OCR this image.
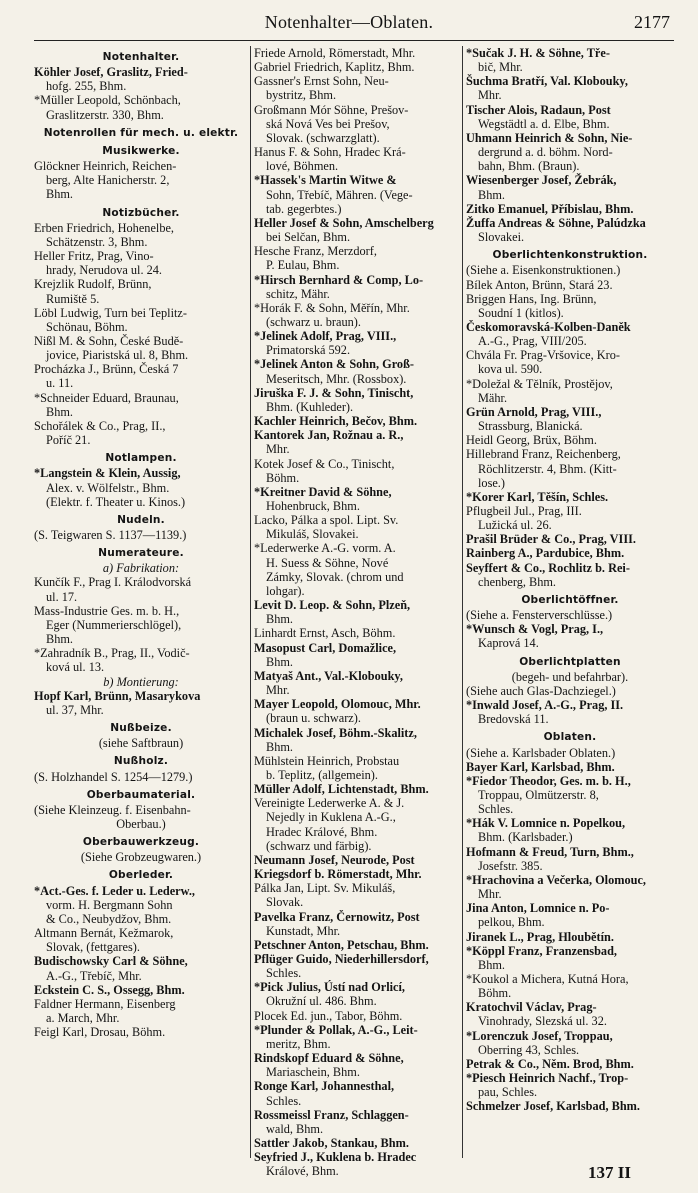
Notenhalter—Oblaten.	2177
Notenhalter.
Köhler Josef, Graslitz, Fried-
hofg. 255, Bhm.
*Müller Leopold, Schönbach,
Graslitzerstr. 330, Bhm.
Notenrollen für mech. u. elektr.
Musikwerke.
Glöckner Heinrich, Reichen-
berg, Alte Hanicherstr. 2,
Bhm.
Notizbücher.
Erben Friedrich, Hohenelbe,
Schätzenstr. 3, Bhm.
Heller Fritz, Prag, Vino-
hrady, Nerudova ul. 24.
Krejzlik Rudolf, Brünn,
Rumiště 5.
Löbl Ludwig, Turn bei Teplitz-
Schönau, Böhm.
Nißl M. & Sohn, České Budě-
jovice, Piaristská ul. 8, Bhm.
Procházka J., Brünn, Česká 7
u. 11.
*Schneider Eduard, Braunau,
Bhm.
Schořálek & Co., Prag, II.,
Poříč 21.
Notlampen.
*Langstein & Klein, Aussig,
Alex. v. Wölfelstr., Bhm.
(Elektr. f. Theater u. Kinos.)
Nudeln.
(S. Teigwaren S. 1137—1139.)
Numerateure.
a) Fabrikation:
Kunčík F., Prag I. Králodvorská
ul. 17.
Mass-Industrie Ges. m. b. H.,
Eger (Nummerierschlögel),
Bhm.
*Zahradník B., Prag, II., Vodič-
ková ul. 13.
b) Montierung:
Hopf Karl, Brünn, Masarykova
ul. 37, Mhr.
Nußbeize.
(siehe Saftbraun)
Nußholz.
(S. Holzhandel S. 1254—1279.)
Oberbaumaterial.
(Siehe Kleinzeug. f. Eisenbahn-
Oberbau.)
Oberbauwerkzeug.
(Siehe Grobzeugwaren.)
Oberleder.
*Act.-Ges. f. Leder u. Lederw.,
vorm. H. Bergmann Sohn
& Co., Neubydžov, Bhm.
Altmann Bernát, Kežmarok,
Slovak, (fettgares).
Budischowsky Carl & Söhne,
A.-G., Třebíč, Mhr.
Eckstein C. S., Ossegg, Bhm.
Faldner Hermann, Eisenberg
a. March, Mhr.
Feigl Karl, Drosau, Böhm.
Friede Arnold, Römerstadt, Mhr.
Gabriel Friedrich, Kaplitz, Bhm.
Gassner's Ernst Sohn, Neu-
bystritz, Bhm.
Großmann Mór Söhne, Prešov-
ská Nová Ves bei Prešov,
Slovak. (schwarzglatt).
Hanus F. & Sohn, Hradec Krá-
lové, Böhmen.
*Hassek's Martin Witwe &
Sohn, Třebíč, Mähren. (Vege-
tab. gegerbtes.)
Heller Josef & Sohn, Amschelberg
bei Selčan, Bhm.
Hesche Franz, Merzdorf,
P. Eulau, Bhm.
*Hirsch Bernhard & Comp, Lo-
schitz, Mähr.
*Horák F. & Sohn, Měřín, Mhr.
(schwarz u. braun).
*Jelinek Adolf, Prag, VIII.,
Primatorská 592.
*Jelinek Anton & Sohn, Groß-
Meseritsch, Mhr. (Rossbox).
Jiruška F. J. & Sohn, Tinischt,
Bhm. (Kuhleder).
Kachler Heinrich, Bečov, Bhm.
Kantorek Jan, Rožnau a. R.,
Mhr.
Kotek Josef & Co., Tinischt,
Böhm.
*Kreitner David & Söhne,
Hohenbruck, Bhm.
Lacko, Pálka a spol. Lipt. Sv.
Mikuláš, Slovakei.
*Lederwerke A.-G. vorm. A.
H. Suess & Söhne, Nové
Zámky, Slovak. (chrom und
lohgar).
Levit D. Leop. & Sohn, Plzeň,
Bhm.
Linhardt Ernst, Asch, Böhm.
Masopust Carl, Domažlice,
Bhm.
Matyaš Ant., Val.-Klobouky,
Mhr.
Mayer Leopold, Olomouc, Mhr.
(braun u. schwarz).
Michalek Josef, Böhm.-Skalitz,
Bhm.
Mühlstein Heinrich, Probstau
b. Teplitz, (allgemein).
Müller Adolf, Lichtenstadt, Bhm.
Vereinigte Lederwerke A. & J.
Nejedly in Kuklena A.-G.,
Hradec Králové, Bhm.
(schwarz und färbig).
Neumann Josef, Neurode, Post
Kriegsdorf b. Römerstadt, Mhr.
Pálka Jan, Lipt. Sv. Mikuláš,
Slovak.
Pavelka Franz, Černowitz, Post
Kunstadt, Mhr.
Petschner Anton, Petschau, Bhm.
Pflüger Guido, Niederhillersdorf,
Schles.
*Pick Julius, Ústí nad Orlicí,
Okružní ul. 486. Bhm.
Plocek Ed. jun., Tabor, Böhm.
*Plunder & Pollak, A.-G., Leit-
meritz, Bhm.
Rindskopf Eduard & Söhne,
Mariaschein, Bhm.
Ronge Karl, Johannesthal,
Schles.
Rossmeissl Franz, Schlaggen-
wald, Bhm.
Sattler Jakob, Stankau, Bhm.
Seyfried J., Kuklena b. Hradec
Králové, Bhm.
*Sučak J. H. & Söhne, Tře-
bič, Mhr.
Šuchma Bratří, Val. Klobouky,
Mhr.
Tischer Alois, Radaun, Post
Wegstädtl a. d. Elbe, Bhm.
Uhmann Heinrich & Sohn, Nie-
dergrund a. d. böhm. Nord-
bahn, Bhm. (Braun).
Wiesenberger Josef, Žebrák,
Bhm.
Zitko Emanuel, Příbislau, Bhm.
Žuffa Andreas & Söhne, Palúdzka
Slovakei.
Oberlichtenkonstruktion.
(Siehe a. Eisenkonstruktionen.)
Bílek Anton, Brünn, Stará 23.
Briggen Hans, Ing. Brünn,
Soudní 1 (kitlos).
Českomoravská-Kolben-Daněk
A.-G., Prag, VIII/205.
Chvála Fr. Prag-Vršovice, Kro-
kova ul. 590.
*Doležal & Tělník, Prostějov,
Mähr.
Grün Arnold, Prag, VIII.,
Strassburg, Blanická.
Heidl Georg, Brüx, Böhm.
Hillebrand Franz, Reichenberg,
Röchlitzerstr. 4, Bhm. (Kitt-
lose.)
*Korer Karl, Těšín, Schles.
Pflugbeil Jul., Prag, III.
Lužická ul. 26.
Prašil Brüder & Co., Prag, VIII.
Rainberg A., Pardubice, Bhm.
Seyffert & Co., Rochlitz b. Rei-
chenberg, Bhm.
Oberlichtöffner.
(Siehe a. Fensterverschlüsse.)
*Wunsch & Vogl, Prag, I.,
Kaprová 14.
Oberlichtplatten
(begeh- und befahrbar).
(Siehe auch Glas-Dachziegel.)
*Inwald Josef, A.-G., Prag, II.
Bredovská 11.
Oblaten.
(Siehe a. Karlsbader Oblaten.)
Bayer Karl, Karlsbad, Bhm.
*Fiedor Theodor, Ges. m. b. H.,
Troppau, Olmützerstr. 8,
Schles.
*Hák V. Lomnice n. Popelkou,
Bhm. (Karlsbader.)
Hofmann & Freud, Turn, Bhm.,
Josefstr. 385.
*Hrachovina a Večerka, Olomouc,
Mhr.
Jina Anton, Lomnice n. Po-
pelkou, Bhm.
Jiranek L., Prag, Hloubětín.
*Köppl Franz, Franzensbad,
Bhm.
*Koukol a Michera, Kutná Hora,
Böhm.
Kratochvil Václav, Prag-
Vinohrady, Slezská ul. 32.
*Lorenczuk Josef, Troppau,
Oberring 43, Schles.
Petrak & Co., Něm. Brod, Bhm.
*Piesch Heinrich Nachf., Trop-
pau, Schles.
Schmelzer Josef, Karlsbad, Bhm.
137 II
